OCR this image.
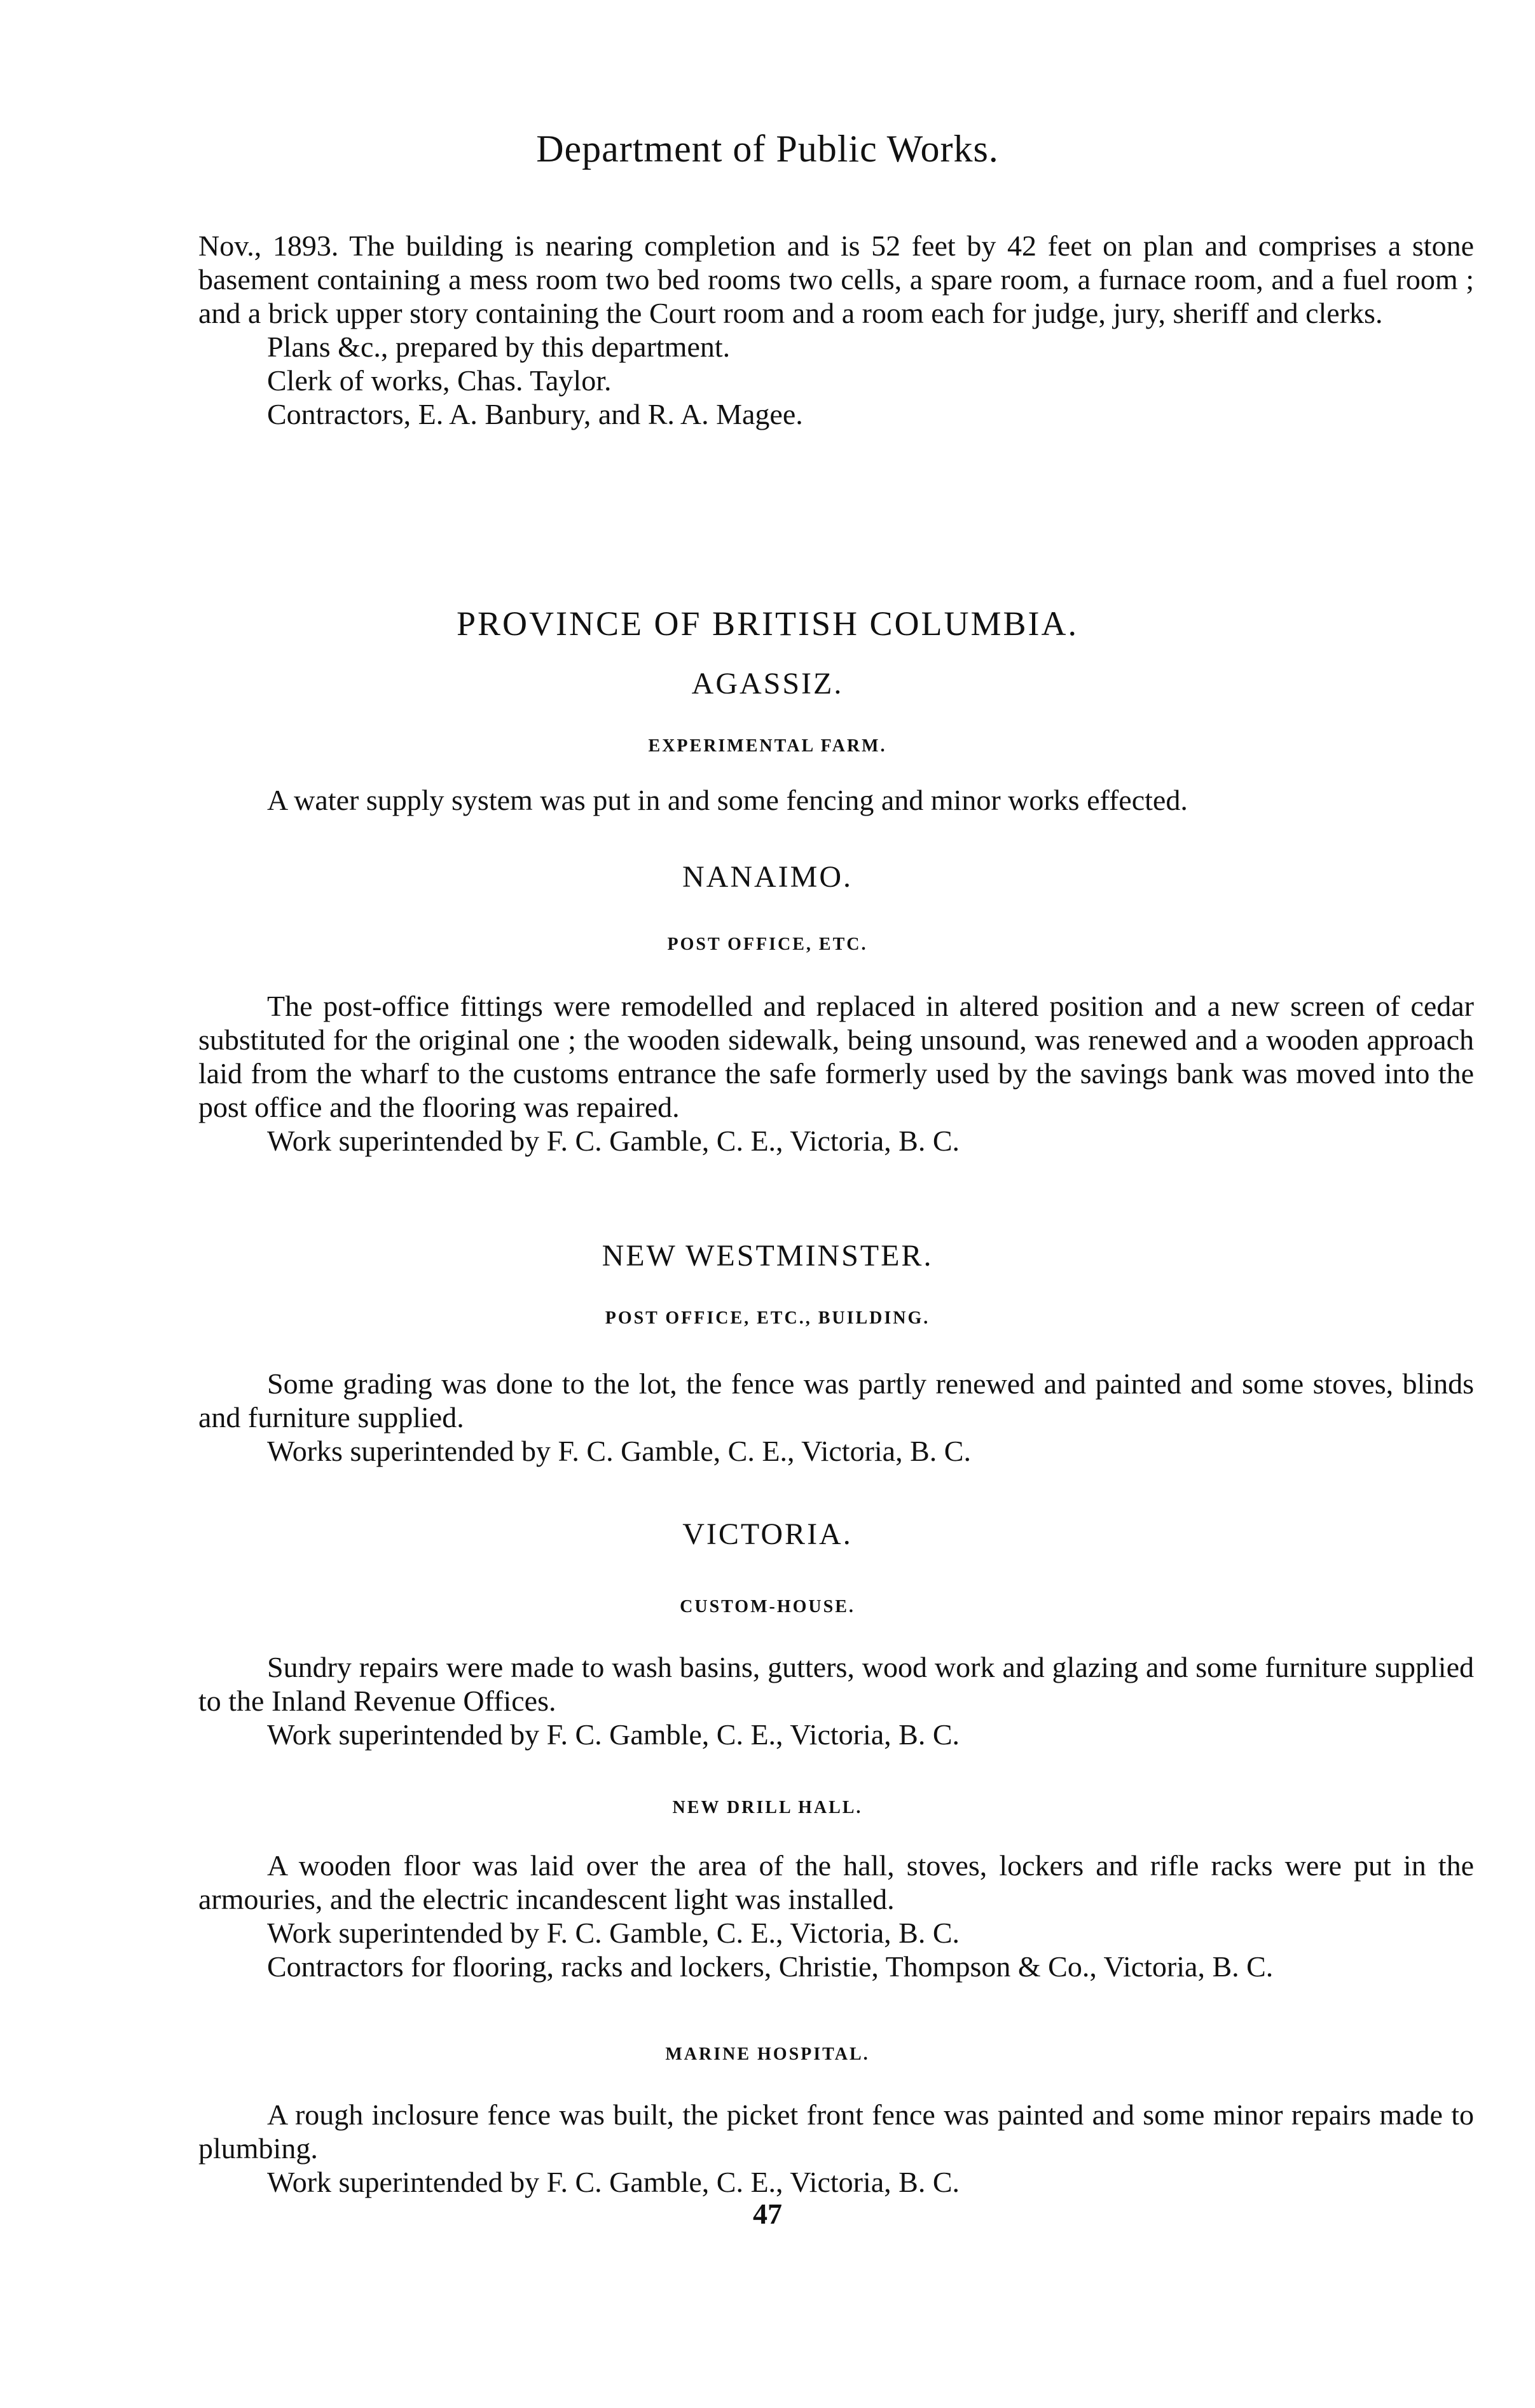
Department of Public Works.

Nov., 1893. The building is nearing completion and is 52 feet by 42 feet on plan and comprises a stone basement containing a mess room two bed rooms two cells, a spare room, a furnace room, and a fuel room ; and a brick upper story containing the Court room and a room each for judge, jury, sheriff and clerks.

Plans &c., prepared by this department.

Clerk of works, Chas. Taylor.

Contractors, E. A. Banbury, and R. A. Magee.

PROVINCE OF BRITISH COLUMBIA.
AGASSIZ.
EXPERIMENTAL FARM.
A water supply system was put in and some fencing and minor works effected.
NANAIMO.
POST OFFICE, ETC.

The post-office fittings were remodelled and replaced in altered position and a new screen of cedar substituted for the original one ; the wooden sidewalk, being unsound, was renewed and a wooden approach laid from the wharf to the customs entrance the safe formerly used by the savings bank was moved into the post office and the flooring was repaired.

Work superintended by F. C. Gamble, C. E., Victoria, B. C.

NEW WESTMINSTER.
POST OFFICE, ETC., BUILDING.

Some grading was done to the lot, the fence was partly renewed and painted and some stoves, blinds and furniture supplied.

Works superintended by F. C. Gamble, C. E., Victoria, B. C.

VICTORIA.
CUSTOM-HOUSE.

Sundry repairs were made to wash basins, gutters, wood work and glazing and some furniture supplied to the Inland Revenue Offices.

Work superintended by F. C. Gamble, C. E., Victoria, B. C.

NEW DRILL HALL.

A wooden floor was laid over the area of the hall, stoves, lockers and rifle racks were put in the armouries, and the electric incandescent light was installed.

Work superintended by F. C. Gamble, C. E., Victoria, B. C.

Contractors for flooring, racks and lockers, Christie, Thompson & Co., Victoria, B. C.

MARINE HOSPITAL.

A rough inclosure fence was built, the picket front fence was painted and some minor repairs made to plumbing.

Work superintended by F. C. Gamble, C. E., Victoria, B. C.

47
